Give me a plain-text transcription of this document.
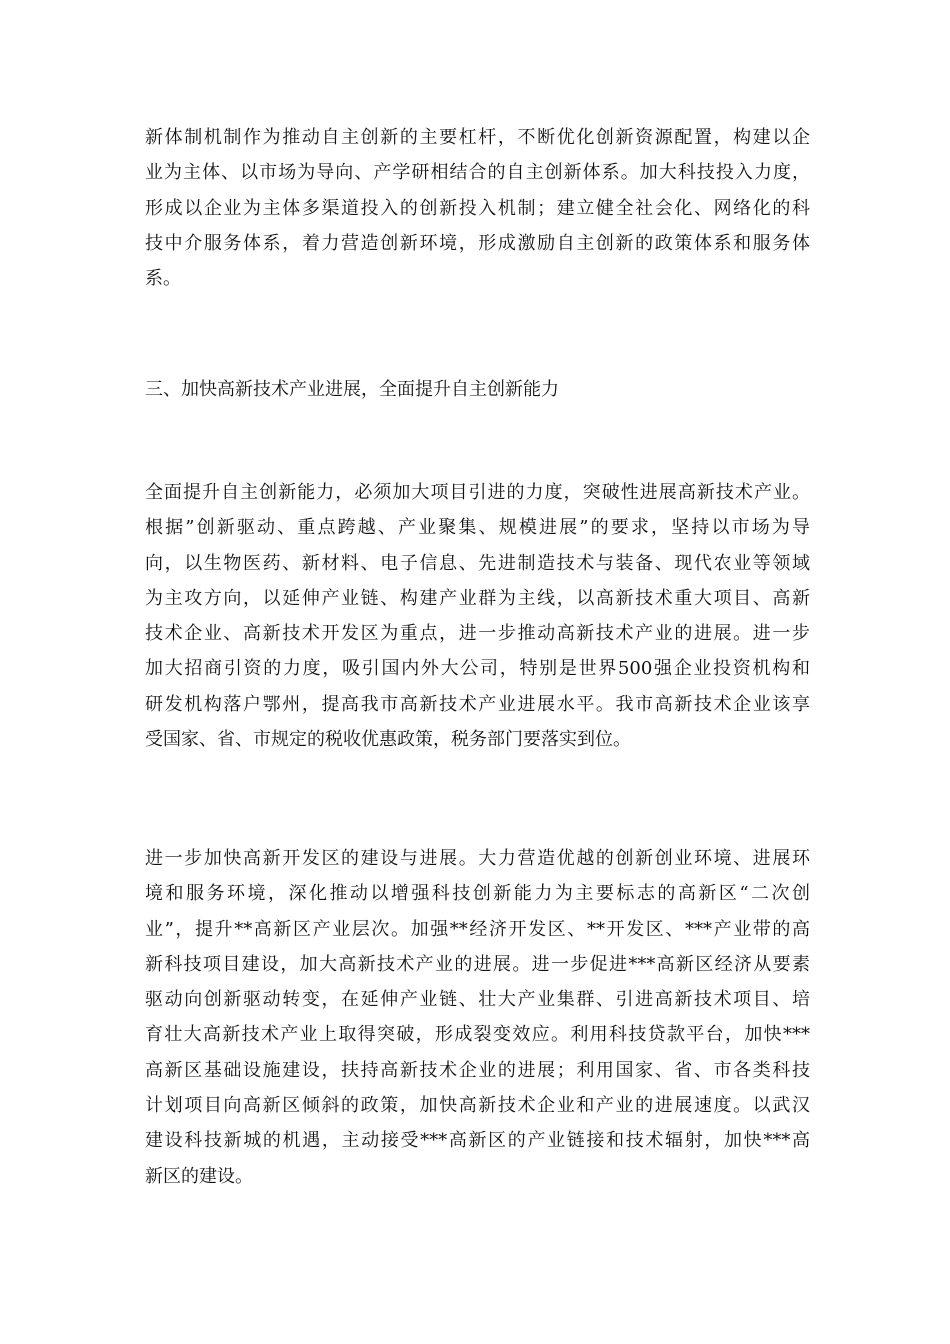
新体制机制作为推动自主创新的主要杠杆，不断优化创新资源配置，构建以企
业为主体、以市场为导向、产学研相结合的自主创新体系。加大科技投入力度，
形成以企业为主体多渠道投入的创新投入机制；建立健全社会化、网络化的科
技中介服务体系，着力营造创新环境，形成激励自主创新的政策体系和服务体
系。
三、加快高新技术产业进展，全面提升自主创新能力
全面提升自主创新能力，必须加大项目引进的力度，突破性进展高新技术产业。
根据”创新驱动、重点跨越、产业聚集、规模进展”的要求，坚持以市场为导
向，以生物医药、新材料、电子信息、先进制造技术与装备、现代农业等领域
为主攻方向，以延伸产业链、构建产业群为主线，以高新技术重大项目、高新
技术企业、高新技术开发区为重点，进一步推动高新技术产业的进展。进一步
加大招商引资的力度，吸引国内外大公司，特别是世界500强企业投资机构和
研发机构落户鄂州，提高我市高新技术产业进展水平。我市高新技术企业该享
受国家、省、市规定的税收优惠政策，税务部门要落实到位。
进一步加快高新开发区的建设与进展。大力营造优越的创新创业环境、进展环
境和服务环境，深化推动以增强科技创新能力为主要标志的高新区“二次创
业”，提升**高新区产业层次。加强**经济开发区、**开发区、***产业带的高
新科技项目建设，加大高新技术产业的进展。进一步促进***高新区经济从要素
驱动向创新驱动转变，在延伸产业链、壮大产业集群、引进高新技术项目、培
育壮大高新技术产业上取得突破，形成裂变效应。利用科技贷款平台，加快***
高新区基础设施建设，扶持高新技术企业的进展；利用国家、省、市各类科技
计划项目向高新区倾斜的政策，加快高新技术企业和产业的进展速度。以武汉
建设科技新城的机遇，主动接受***高新区的产业链接和技术辐射，加快***高
新区的建设。
